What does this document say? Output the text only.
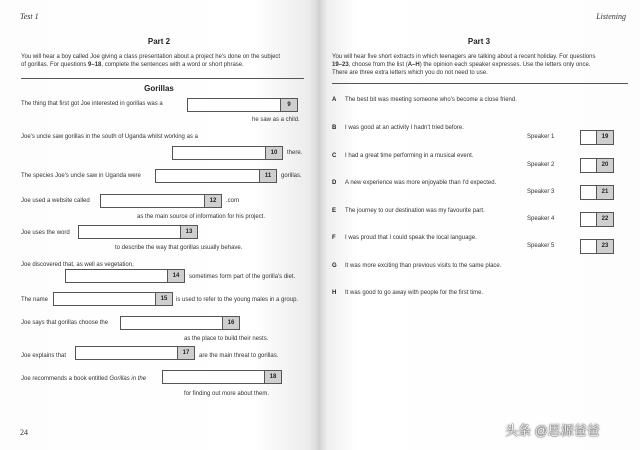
Test 1
Part 2
You will hear a boy called Joe giving a class presentation about a project he's done on the subject
of gorillas. For questions 9–18, complete the sentences with a word or short phrase.
Gorillas
The thing that first got Joe interested in gorillas was a	9
he saw as a child.
Joe's uncle saw gorillas in the south of Uganda whilst working as a
10	there.
The species Joe's uncle saw in Uganda were	11	gorillas.
Joe used a website called	12	.com
as the main source of information for his project.
Joe uses the word	13
to describe the way that gorillas usually behave.
Joe discovered that, as well as vegetation,
14	sometimes form part of the gorilla's diet.
The name	15	is used to refer to the young males in a group.
Joe says that gorillas choose the	16
as the place to build their nests.
Joe explains that	17	are the main threat to gorillas.
Joe recommends a book entitled Gorillas in the	18
for finding out more about them.
24
Listening
Part 3
You will hear five short extracts in which teenagers are talking about a recent holiday. For questions
19–23, choose from the list (A–H) the opinion each speaker expresses. Use the letters only once.
There are three extra letters which you do not need to use.
A The best bit was meeting someone who's become a close friend.
B I was good at an activity I hadn't tried before.
C I had a great time performing in a musical event.
D A new experience was more enjoyable than I'd expected.
E The journey to our destination was my favourite part.
F I was proud that I could speak the local language.
G It was more exciting than previous visits to the same place.
H It was good to go away with people for the first time.
Speaker 1	19
Speaker 2	20
Speaker 3	21
Speaker 4	22
Speaker 5	23
头条 @思源爸爸
